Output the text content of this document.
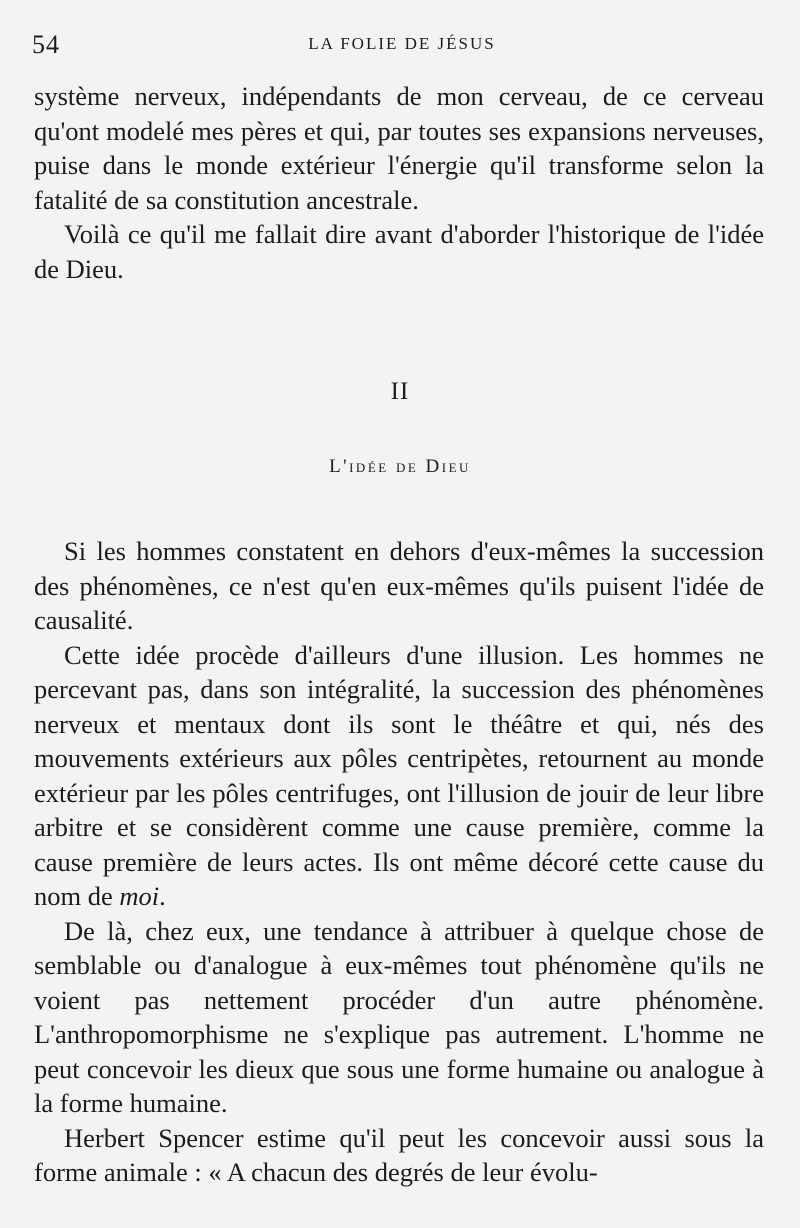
54	LA FOLIE DE JÉSUS

système nerveux, indépendants de mon cerveau, de ce cerveau qu'ont modelé mes pères et qui, par toutes ses expansions nerveuses, puise dans le monde extérieur l'énergie qu'il transforme selon la fatalité de sa constitution ancestrale.

Voilà ce qu'il me fallait dire avant d'aborder l'historique de l'idée de Dieu.

II
L'idée de Dieu

Si les hommes constatent en dehors d'eux-mêmes la succession des phénomènes, ce n'est qu'en eux-mêmes qu'ils puisent l'idée de causalité.

Cette idée procède d'ailleurs d'une illusion. Les hommes ne percevant pas, dans son intégralité, la succession des phénomènes nerveux et mentaux dont ils sont le théâtre et qui, nés des mouvements extérieurs aux pôles centripètes, retournent au monde extérieur par les pôles centrifuges, ont l'illusion de jouir de leur libre arbitre et se considèrent comme une cause première, comme la cause première de leurs actes. Ils ont même décoré cette cause du nom de moi.

De là, chez eux, une tendance à attribuer à quelque chose de semblable ou d'analogue à eux-mêmes tout phénomène qu'ils ne voient pas nettement procéder d'un autre phénomène. L'anthropomorphisme ne s'explique pas autrement. L'homme ne peut concevoir les dieux que sous une forme humaine ou analogue à la forme humaine.

Herbert Spencer estime qu'il peut les concevoir aussi sous la forme animale : « A chacun des degrés de leur évolu-
